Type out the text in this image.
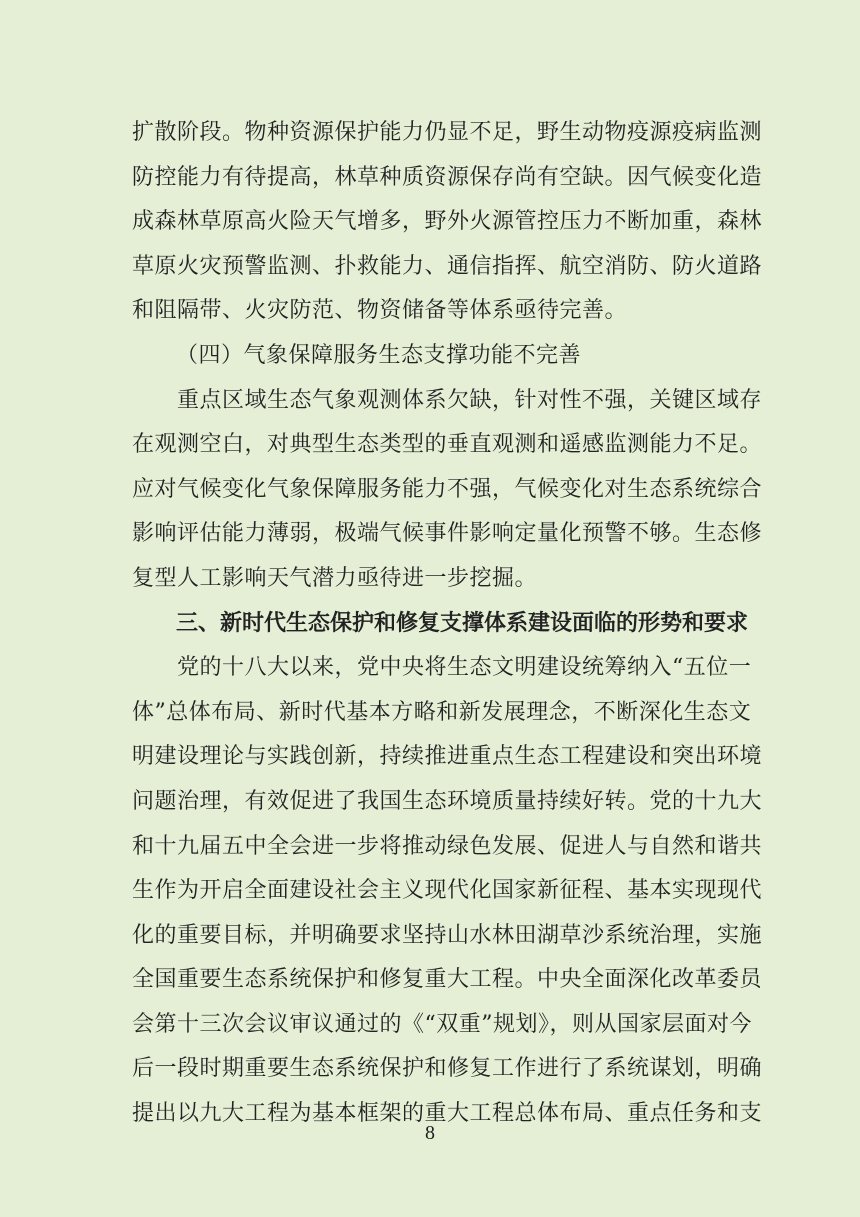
扩散阶段。物种资源保护能力仍显不足，野生动物疫源疫病监测
防控能力有待提高，林草种质资源保存尚有空缺。因气候变化造
成森林草原高火险天气增多，野外火源管控压力不断加重，森林
草原火灾预警监测、扑救能力、通信指挥、航空消防、防火道路
和阻隔带、火灾防范、物资储备等体系亟待完善。
（四）气象保障服务生态支撑功能不完善
　　重点区域生态气象观测体系欠缺，针对性不强，关键区域存
在观测空白，对典型生态类型的垂直观测和遥感监测能力不足。
应对气候变化气象保障服务能力不强，气候变化对生态系统综合
影响评估能力薄弱，极端气候事件影响定量化预警不够。生态修
复型人工影响天气潜力亟待进一步挖掘。
三、新时代生态保护和修复支撑体系建设面临的形势和要求
　　党的十八大以来，党中央将生态文明建设统筹纳入“五位一
体”总体布局、新时代基本方略和新发展理念，不断深化生态文
明建设理论与实践创新，持续推进重点生态工程建设和突出环境
问题治理，有效促进了我国生态环境质量持续好转。党的十九大
和十九届五中全会进一步将推动绿色发展、促进人与自然和谐共
生作为开启全面建设社会主义现代化国家新征程、基本实现现代
化的重要目标，并明确要求坚持山水林田湖草沙系统治理，实施
全国重要生态系统保护和修复重大工程。中央全面深化改革委员
会第十三次会议审议通过的《“双重”规划》，则从国家层面对今
后一段时期重要生态系统保护和修复工作进行了系统谋划，明确
提出以九大工程为基本框架的重大工程总体布局、重点任务和支
8
